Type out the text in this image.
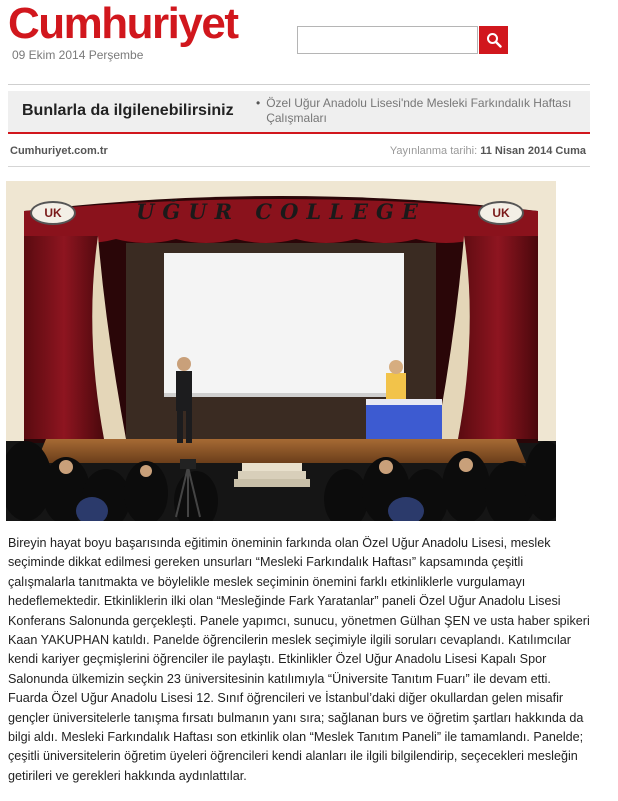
Cumhuriyet
09 Ekim 2014 Perşembe
Bunlarla da ilgilenebilirsiniz • Özel Uğur Anadolu Lisesi'nde Mesleki Farkındalık Haftası Çalışmaları
Cumhuriyet.com.tr	Yayınlanma tarihi: 11 Nisan 2014 Cuma
UĞUR COLLEGE
UK	UK
Bireyin hayat boyu başarısında eğitimin öneminin farkında olan Özel Uğur Anadolu Lisesi, meslek seçiminde dikkat edilmesi gereken unsurları “Mesleki Farkındalık Haftası” kapsamında çeşitli çalışmalarla tanıtmakta ve böylelikle meslek seçiminin önemini farklı etkinliklerle vurgulamayı hedeflemektedir. Etkinliklerin ilki olan “Mesleğinde Fark Yaratanlar” paneli Özel Uğur Anadolu Lisesi Konferans Salonunda gerçekleşti. Panele yapımcı, sunucu, yönetmen Gülhan ŞEN ve usta haber spikeri Kaan YAKUPHAN katıldı. Panelde öğrencilerin meslek seçimiyle ilgili soruları cevaplandı. Katılımcılar kendi kariyer geçmişlerini öğrenciler ile paylaştı. Etkinlikler Özel Uğur Anadolu Lisesi Kapalı Spor Salonunda ülkemizin seçkin 23 üniversitesinin katılımıyla “Üniversite Tanıtım Fuarı” ile devam etti. Fuarda Özel Uğur Anadolu Lisesi 12. Sınıf öğrencileri ve İstanbul’daki diğer okullardan gelen misafir gençler üniversitelerle tanışma fırsatı bulmanın yanı sıra; sağlanan burs ve öğretim şartları hakkında da bilgi aldı. Mesleki Farkındalık Haftası son etkinlik olan “Meslek Tanıtım Paneli” ile tamamlandı. Panelde; çeşitli üniversitelerin öğretim üyeleri öğrencileri kendi alanları ile ilgili bilgilendirip, seçecekleri mesleğin getirileri ve gerekleri hakkında aydınlattılar.
